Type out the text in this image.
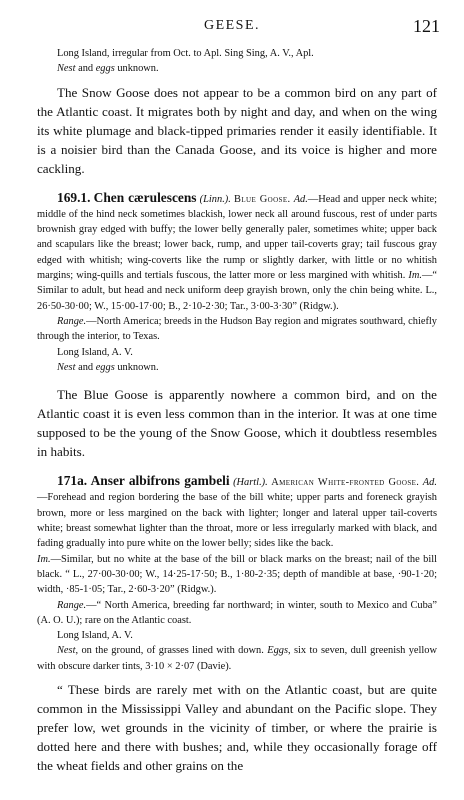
GEESE.	121

Long Island, irregular from Oct. to Apl. Sing Sing, A. V., Apl.

Nest and eggs unknown.

The Snow Goose does not appear to be a common bird on any part of the Atlantic coast. It migrates both by night and day, and when on the wing its white plumage and black-tipped primaries render it easily identifiable. It is a noisier bird than the Canada Goose, and its voice is higher and more cackling.

169.1. Chen cærulescens (Linn.). Blue Goose. Ad.—Head and upper neck white; middle of the hind neck sometimes blackish, lower neck all around fuscous, rest of under parts brownish gray edged with buffy; the lower belly generally paler, sometimes white; upper back and scapulars like the breast; lower back, rump, and upper tail-coverts gray; tail fuscous gray edged with whitish; wing-coverts like the rump or slightly darker, with little or no whitish margins; wing-quills and tertials fuscous, the latter more or less margined with whitish. Im.—“ Similar to adult, but head and neck uniform deep grayish brown, only the chin being white. L., 26·50-30·00; W., 15·00-17·00; B., 2·10-2·30; Tar., 3·00-3·30” (Ridgw.).

Range.—North America; breeds in the Hudson Bay region and migrates southward, chiefly through the interior, to Texas.

Long Island, A. V.

Nest and eggs unknown.

The Blue Goose is apparently nowhere a common bird, and on the Atlantic coast it is even less common than in the interior. It was at one time supposed to be the young of the Snow Goose, which it doubtless resembles in habits.

171a. Anser albifrons gambeli (Hartl.). American White-fronted Goose. Ad.—Forehead and region bordering the base of the bill white; upper parts and foreneck grayish brown, more or less margined on the back with lighter; longer and lateral upper tail-coverts white; breast somewhat lighter than the throat, more or less irregularly marked with black, and fading gradually into pure white on the lower belly; sides like the back.

Im.—Similar, but no white at the base of the bill or black marks on the breast; nail of the bill black. “ L., 27·00-30·00; W., 14·25-17·50; B., 1·80-2·35; depth of mandible at base, ·90-1·20; width, ·85-1·05; Tar., 2·60-3·20” (Ridgw.).

Range.—“ North America, breeding far northward; in winter, south to Mexico and Cuba” (A. O. U.); rare on the Atlantic coast.

Long Island, A. V.

Nest, on the ground, of grasses lined with down. Eggs, six to seven, dull greenish yellow with obscure darker tints, 3·10 × 2·07 (Davie).

“ These birds are rarely met with on the Atlantic coast, but are quite common in the Mississippi Valley and abundant on the Pacific slope. They prefer low, wet grounds in the vicinity of timber, or where the prairie is dotted here and there with bushes; and, while they occasionally forage off the wheat fields and other grains on the
